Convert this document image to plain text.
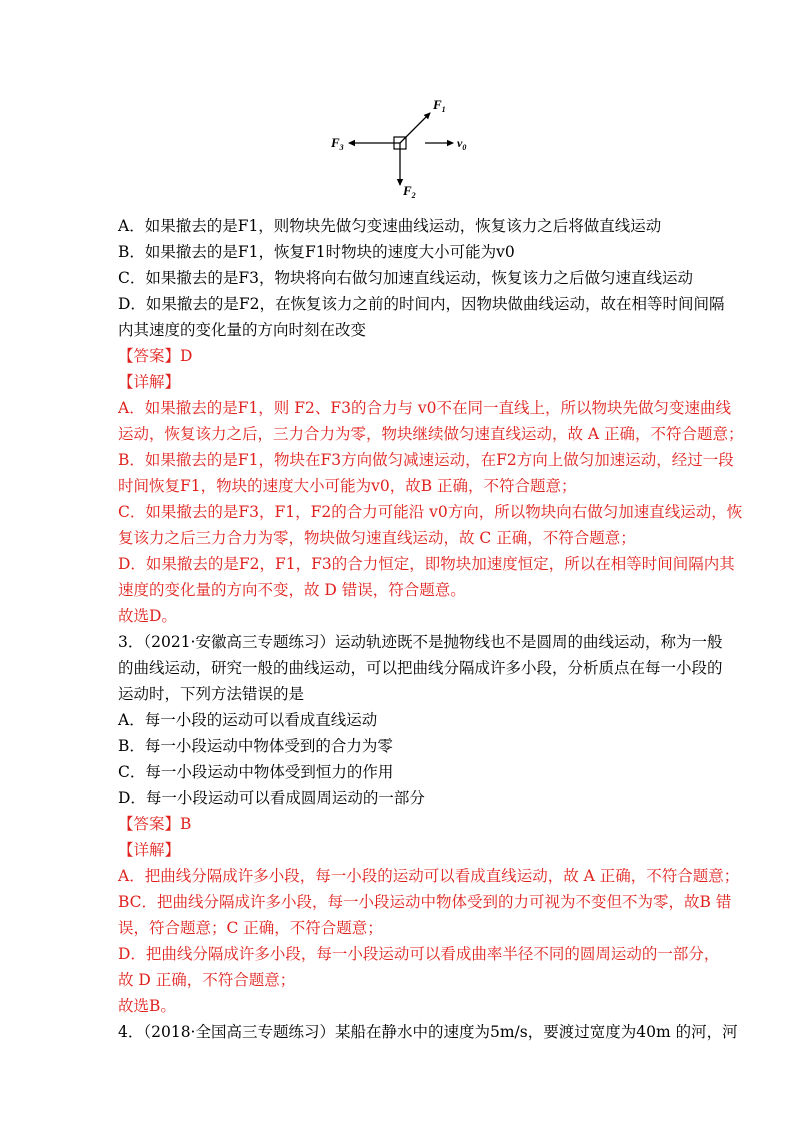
$F_1$
$F_3$
$F_2$
$v_0$
A．如果撤去的是F1，则物块先做匀变速曲线运动，恢复该力之后将做直线运动
B．如果撤去的是F1，恢复F1时物块的速度大小可能为v0
C．如果撤去的是F3，物块将向右做匀加速直线运动，恢复该力之后做匀速直线运动
D．如果撤去的是F2，在恢复该力之前的时间内，因物块做曲线运动，故在相等时间间隔
内其速度的变化量的方向时刻在改变
【答案】D
【详解】
A．如果撤去的是F1，则 F2、F3的合力与 v0不在同一直线上，所以物块先做匀变速曲线
运动，恢复该力之后，三力合力为零，物块继续做匀速直线运动，故 A 正确，不符合题意；
B．如果撤去的是F1，物块在F3方向做匀减速运动，在F2方向上做匀加速运动，经过一段
时间恢复F1，物块的速度大小可能为v0，故B 正确，不符合题意；
C．如果撤去的是F3，F1，F2的合力可能沿 v0方向，所以物块向右做匀加速直线运动，恢
复该力之后三力合力为零，物块做匀速直线运动，故 C 正确，不符合题意；
D．如果撤去的是F2，F1，F3的合力恒定，即物块加速度恒定，所以在相等时间间隔内其
速度的变化量的方向不变，故 D 错误，符合题意。
故选D。
3．（2021·安徽高三专题练习）运动轨迹既不是抛物线也不是圆周的曲线运动，称为一般
的曲线运动，研究一般的曲线运动，可以把曲线分隔成许多小段，分析质点在每一小段的
运动时，下列方法错误的是
A．每一小段的运动可以看成直线运动
B．每一小段运动中物体受到的合力为零
C．每一小段运动中物体受到恒力的作用
D．每一小段运动可以看成圆周运动的一部分
【答案】B
【详解】
A．把曲线分隔成许多小段，每一小段的运动可以看成直线运动，故 A 正确，不符合题意；
BC．把曲线分隔成许多小段，每一小段运动中物体受到的力可视为不变但不为零，故B 错
误，符合题意；C 正确，不符合题意；
D．把曲线分隔成许多小段，每一小段运动可以看成曲率半径不同的圆周运动的一部分，
故 D 正确，不符合题意；
故选B。
4．（2018·全国高三专题练习）某船在静水中的速度为5m/s，要渡过宽度为40m 的河，河
